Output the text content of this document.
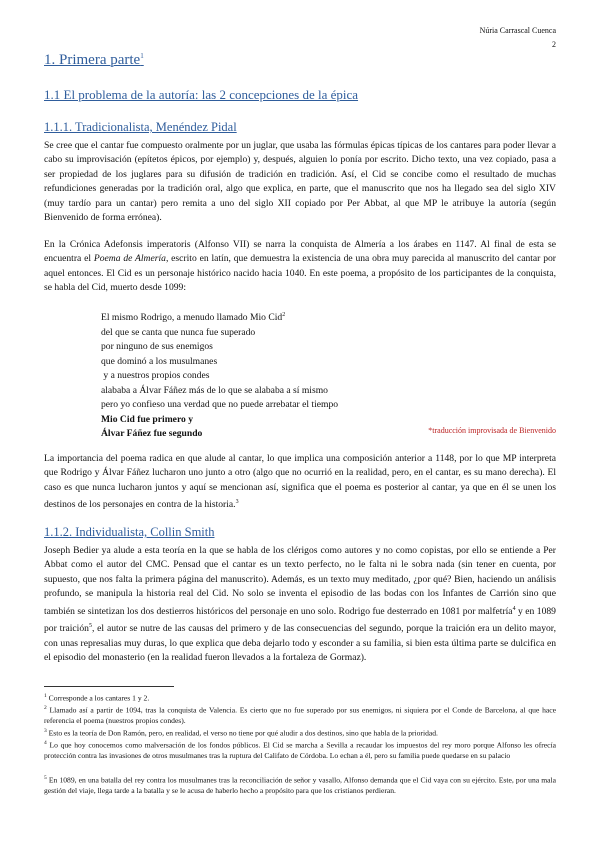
Núria Carrascal Cuenca
2
1. Primera parte$^1$
1.1 El problema de la autoría: las 2 concepciones de la épica
1.1.1. Tradicionalista, Menéndez Pidal

Se cree que el cantar fue compuesto oralmente por un juglar, que usaba las fórmulas épicas típicas de los cantares para poder llevar a cabo su improvisación (epítetos épicos, por ejemplo) y, después, alguien lo ponía por escrito. Dicho texto, una vez copiado, pasa a ser propiedad de los juglares para su difusión de tradición en tradición. Así, el Cid se concibe como el resultado de muchas refundiciones generadas por la tradición oral, algo que explica, en parte, que el manuscrito que nos ha llegado sea del siglo XIV (muy tardío para un cantar) pero remita a uno del siglo XII copiado por Per Abbat, al que MP le atribuye la autoría (según Bienvenido de forma errónea).

En la Crónica Adefonsis imperatoris (Alfonso VII) se narra la conquista de Almería a los árabes en 1147. Al final de esta se encuentra el Poema de Almería, escrito en latín, que demuestra la existencia de una obra muy parecida al manuscrito del cantar por aquel entonces. El Cid es un personaje histórico nacido hacia 1040. En este poema, a propósito de los participantes de la conquista, se habla del Cid, muerto desde 1099:

El mismo Rodrigo, a menudo llamado Mio Cid$^2$
del que se canta que nunca fue superado
por ninguno de sus enemigos
que dominó a los musulmanes
y a nuestros propios condes
alababa a Álvar Fáñez más de lo que se alababa a sí mismo
pero yo confieso una verdad que no puede arrebatar el tiempo
Mio Cid fue primero y
Álvar Fáñez fue segundo	*traducción improvisada de Bienvenido

La importancia del poema radica en que alude al cantar, lo que implica una composición anterior a 1148, por lo que MP interpreta que Rodrigo y Álvar Fáñez lucharon uno junto a otro (algo que no ocurrió en la realidad, pero, en el cantar, es su mano derecha). El caso es que nunca lucharon juntos y aquí se mencionan así, significa que el poema es posterior al cantar, ya que en él se unen los destinos de los personajes en contra de la historia.$^3$

1.1.2. Individualista, Collin Smith

Joseph Bedier ya alude a esta teoría en la que se habla de los clérigos como autores y no como copistas, por ello se entiende a Per Abbat como el autor del CMC. Pensad que el cantar es un texto perfecto, no le falta ni le sobra nada (sin tener en cuenta, por supuesto, que nos falta la primera página del manuscrito). Además, es un texto muy meditado, ¿por qué? Bien, haciendo un análisis profundo, se manipula la historia real del Cid. No solo se inventa el episodio de las bodas con los Infantes de Carrión sino que también se sintetizan los dos destierros históricos del personaje en uno solo. Rodrigo fue desterrado en 1081 por malfetría$^4$ y en 1089 por traición$^5$, el autor se nutre de las causas del primero y de las consecuencias del segundo, porque la traición era un delito mayor, con unas represalias muy duras, lo que explica que deba dejarlo todo y esconder a su familia, si bien esta última parte se dulcifica en el episodio del monasterio (en la realidad fueron llevados a la fortaleza de Gormaz).

$^1$ Corresponde a los cantares 1 y 2.

$^2$ Llamado así a partir de 1094, tras la conquista de Valencia. Es cierto que no fue superado por sus enemigos, ni siquiera por el Conde de Barcelona, al que hace referencia el poema (nuestros propios condes).

$^3$ Esto es la teoría de Don Ramón, pero, en realidad, el verso no tiene por qué aludir a dos destinos, sino que habla de la prioridad.

$^4$ Lo que hoy conocemos como malversación de los fondos públicos. El Cid se marcha a Sevilla a recaudar los impuestos del rey moro porque Alfonso les ofrecía protección contra las invasiones de otros musulmanes tras la ruptura del Califato de Córdoba. Lo echan a él, pero su familia puede quedarse en su palacio

$^5$ En 1089, en una batalla del rey contra los musulmanes tras la reconciliación de señor y vasallo, Alfonso demanda que el Cid vaya con su ejército. Este, por una mala gestión del viaje, llega tarde a la batalla y se le acusa de haberlo hecho a propósito para que los cristianos perdieran.
